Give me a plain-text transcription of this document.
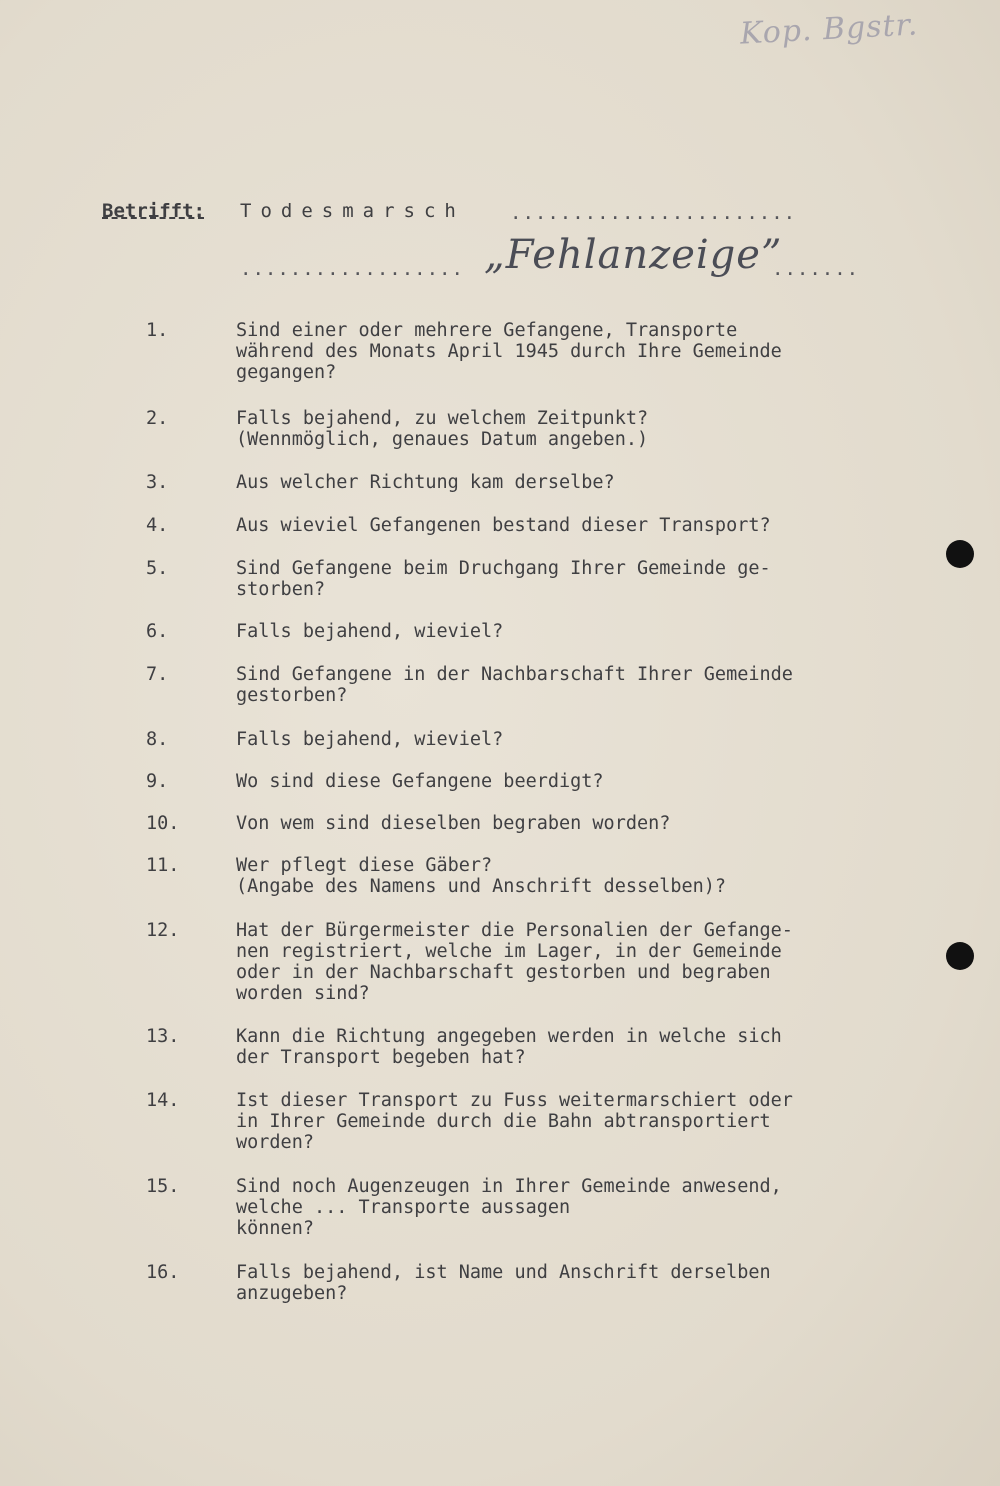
Kop. Bgstr.
Betrifft: Todesmarsch .......................
.................. „Fehlanzeige”
.......
1.	Sind einer oder mehrere Gefangene, Transporte
während des Monats April 1945 durch Ihre Gemeinde
gegangen?
2.	Falls bejahend, zu welchem Zeitpunkt?
(Wennmöglich, genaues Datum angeben.)
3.	Aus welcher Richtung kam derselbe?
4.	Aus wieviel Gefangenen bestand dieser Transport?
5.	Sind Gefangene beim Druchgang Ihrer Gemeinde ge-
storben?
6.	Falls bejahend, wieviel?
7.	Sind Gefangene in der Nachbarschaft Ihrer Gemeinde
gestorben?
8.	Falls bejahend, wieviel?
9.	Wo sind diese Gefangene beerdigt?
10.	Von wem sind dieselben begraben worden?
11.	Wer pflegt diese Gäber?
(Angabe des Namens und Anschrift desselben)?
12.	Hat der Bürgermeister die Personalien der Gefange-
nen registriert, welche im Lager, in der Gemeinde
oder in der Nachbarschaft gestorben und begraben
worden sind?
13.	Kann die Richtung angegeben werden in welche sich
der Transport begeben hat?
14.	Ist dieser Transport zu Fuss weitermarschiert oder
in Ihrer Gemeinde durch die Bahn abtransportiert
worden?
15.	Sind noch Augenzeugen in Ihrer Gemeinde anwesend,
welche ... Transporte aussagen
können?
16.	Falls bejahend, ist Name und Anschrift derselben
anzugeben?
